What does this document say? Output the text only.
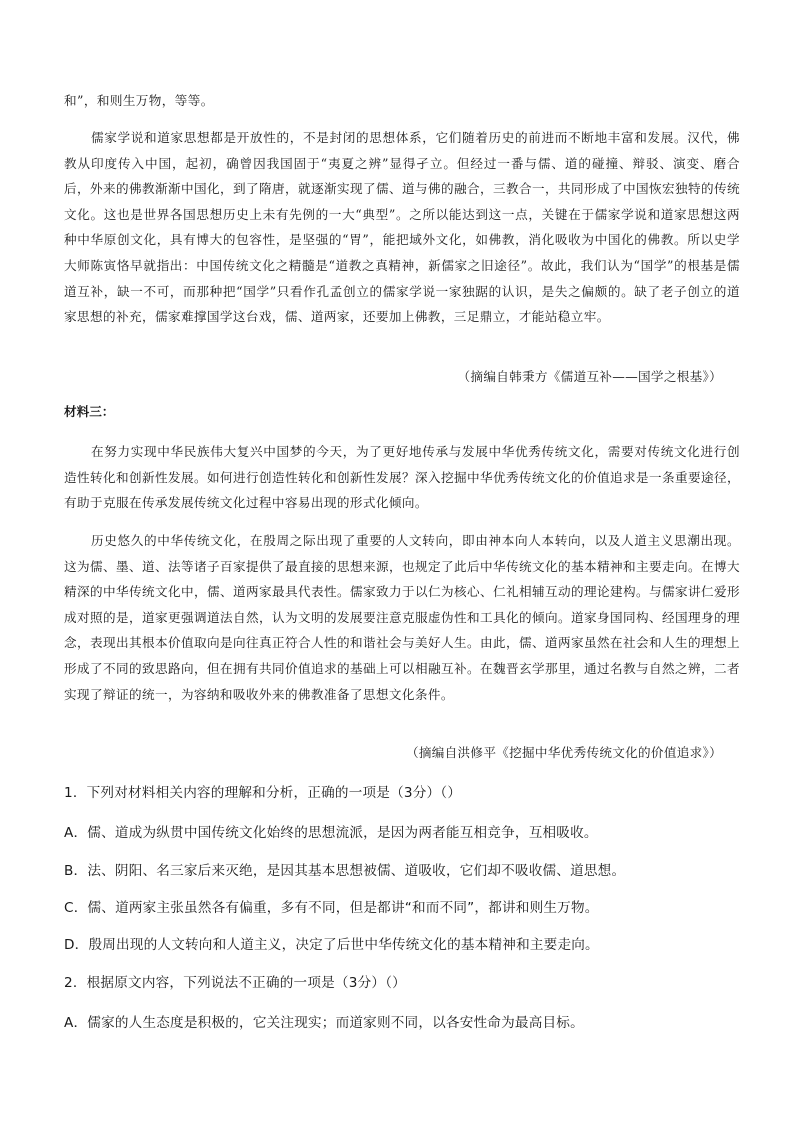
和”，和则生万物，等等。
儒家学说和道家思想都是开放性的，不是封闭的思想体系，它们随着历史的前进而不断地丰富和发展。汉代，佛教从印度传入中国，起初，确曾因我国固于“夷夏之辨”显得孑立。但经过一番与儒、道的碰撞、辩驳、演变、磨合后，外来的佛教渐渐中国化，到了隋唐，就逐渐实现了儒、道与佛的融合，三教合一，共同形成了中国恢宏独特的传统文化。这也是世界各国思想历史上未有先例的一大“典型”。之所以能达到这一点，关键在于儒家学说和道家思想这两种中华原创文化，具有博大的包容性，是坚强的“胃”，能把域外文化，如佛教，消化吸收为中国化的佛教。所以史学大师陈寅恪早就指出：中国传统文化之精髓是“道教之真精神，新儒家之旧途径”。故此，我们认为“国学”的根基是儒道互补，缺一不可，而那种把“国学”只看作孔孟创立的儒家学说一家独踞的认识，是失之偏颇的。缺了老子创立的道家思想的补充，儒家难撑国学这台戏，儒、道两家，还要加上佛教，三足鼎立，才能站稳立牢。
（摘编自韩秉方《儒道互补——国学之根基》）
材料三：
在努力实现中华民族伟大复兴中国梦的今天，为了更好地传承与发展中华优秀传统文化，需要对传统文化进行创造性转化和创新性发展。如何进行创造性转化和创新性发展？深入挖掘中华优秀传统文化的价值追求是一条重要途径，有助于克服在传承发展传统文化过程中容易出现的形式化倾向。
历史悠久的中华传统文化，在殷周之际出现了重要的人文转向，即由神本向人本转向，以及人道主义思潮出现。这为儒、墨、道、法等诸子百家提供了最直接的思想来源，也规定了此后中华传统文化的基本精神和主要走向。在博大精深的中华传统文化中，儒、道两家最具代表性。儒家致力于以仁为核心、仁礼相辅互动的理论建构。与儒家讲仁爱形成对照的是，道家更强调道法自然，认为文明的发展要注意克服虚伪性和工具化的倾向。道家身国同构、经国理身的理念，表现出其根本价值取向是向往真正符合人性的和谐社会与美好人生。由此，儒、道两家虽然在社会和人生的理想上形成了不同的致思路向，但在拥有共同价值追求的基础上可以相融互补。在魏晋玄学那里，通过名教与自然之辨，二者实现了辩证的统一，为容纳和吸收外来的佛教准备了思想文化条件。
（摘编自洪修平《挖掘中华优秀传统文化的价值追求》）
1．下列对材料相关内容的理解和分析，正确的一项是（3分）（）
A．儒、道成为纵贯中国传统文化始终的思想流派，是因为两者能互相竞争，互相吸收。
B．法、阴阳、名三家后来灭绝，是因其基本思想被儒、道吸收，它们却不吸收儒、道思想。
C．儒、道两家主张虽然各有偏重，多有不同，但是都讲“和而不同”，都讲和则生万物。
D．殷周出现的人文转向和人道主义，决定了后世中华传统文化的基本精神和主要走向。
2．根据原文内容，下列说法不正确的一项是（3分）（）
A．儒家的人生态度是积极的，它关注现实；而道家则不同，以各安性命为最高目标。
